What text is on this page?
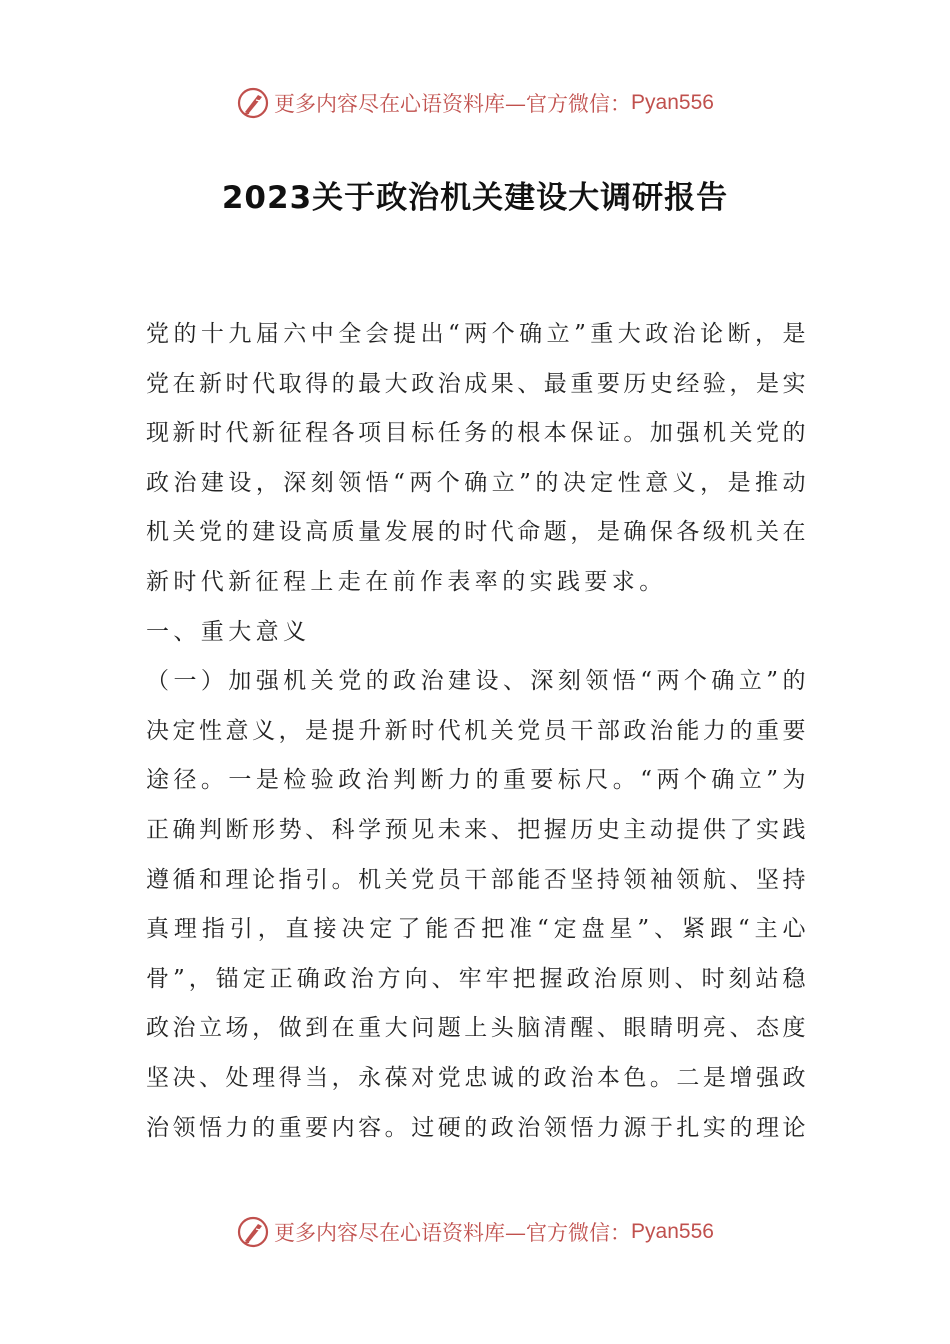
更多内容尽在心语资料库—官方微信： Pyan556
2023关于政治机关建设大调研报告
党的十九届六中全会提出“两个确立”重大政治论断，是
党在新时代取得的最大政治成果、最重要历史经验，是实
现新时代新征程各项目标任务的根本保证。加强机关党的
政治建设，深刻领悟“两个确立”的决定性意义，是推动
机关党的建设高质量发展的时代命题，是确保各级机关在
新时代新征程上走在前作表率的实践要求。
一、重大意义
（一）加强机关党的政治建设、深刻领悟“两个确立”的
决定性意义，是提升新时代机关党员干部政治能力的重要
途径。一是检验政治判断力的重要标尺。“两个确立”为
正确判断形势、科学预见未来、把握历史主动提供了实践
遵循和理论指引。机关党员干部能否坚持领袖领航、坚持
真理指引，直接决定了能否把准“定盘星”、紧跟“主心
骨”，锚定正确政治方向、牢牢把握政治原则、时刻站稳
政治立场，做到在重大问题上头脑清醒、眼睛明亮、态度
坚决、处理得当，永葆对党忠诚的政治本色。二是增强政
治领悟力的重要内容。过硬的政治领悟力源于扎实的理论
更多内容尽在心语资料库—官方微信： Pyan556
